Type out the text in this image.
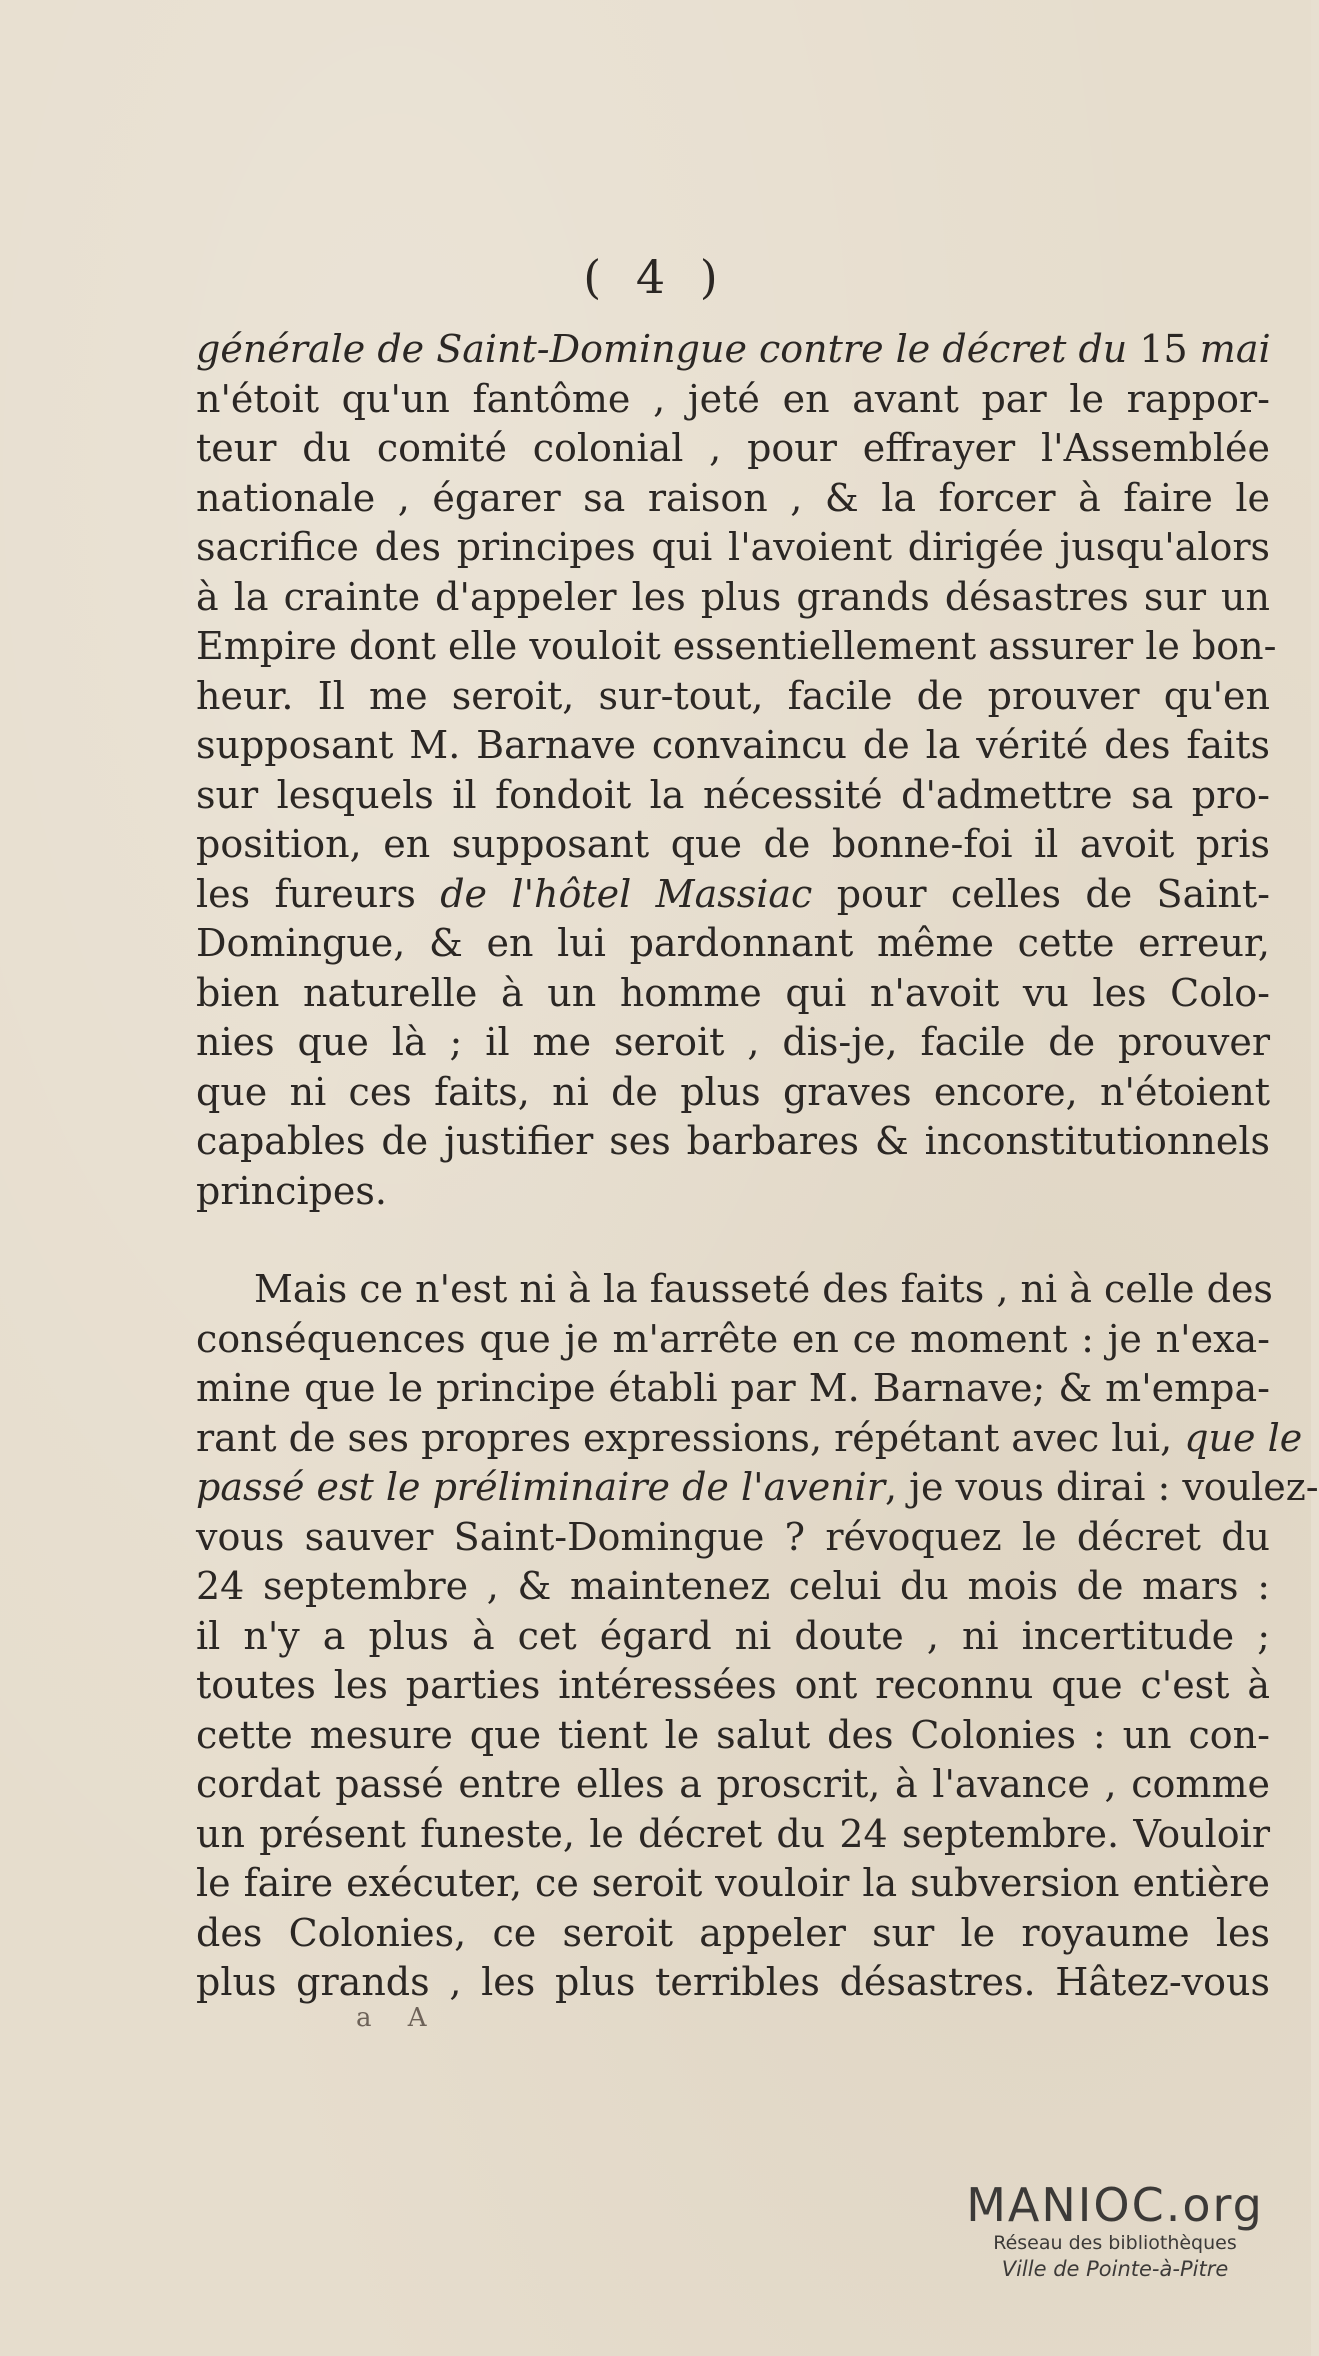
( 4 )
générale de Saint-Domingue contre le décret du 15 mai
n'étoit qu'un fantôme , jeté en avant par le rappor-
teur du comité colonial , pour effrayer l'Assemblée
nationale , égarer sa raison , & la forcer à faire le
sacrifice des principes qui l'avoient dirigée jusqu'alors
à la crainte d'appeler les plus grands désastres sur un
Empire dont elle vouloit essentiellement assurer le bon-
heur. Il me seroit, sur-tout, facile de prouver qu'en
supposant M. Barnave convaincu de la vérité des faits
sur lesquels il fondoit la nécessité d'admettre sa pro-
position, en supposant que de bonne-foi il avoit pris
les fureurs de l'hôtel Massiac pour celles de Saint-
Domingue, & en lui pardonnant même cette erreur,
bien naturelle à un homme qui n'avoit vu les Colo-
nies que là ; il me seroit , dis-je, facile de prouver
que ni ces faits, ni de plus graves encore, n'étoient
capables de justifier ses barbares & inconstitutionnels
principes.
Mais ce n'est ni à la fausseté des faits , ni à celle des
conséquences que je m'arrête en ce moment : je n'exa-
mine que le principe établi par M. Barnave; & m'empa-
rant de ses propres expressions, répétant avec lui, que le
passé est le préliminaire de l'avenir, je vous dirai : voulez-
vous sauver Saint-Domingue ? révoquez le décret du
24 septembre , & maintenez celui du mois de mars :
il n'y a plus à cet égard ni doute , ni incertitude ;
toutes les parties intéressées ont reconnu que c'est à
cette mesure que tient le salut des Colonies : un con-
cordat passé entre elles a proscrit, à l'avance , comme
un présent funeste, le décret du 24 septembre. Vouloir
le faire exécuter, ce seroit vouloir la subversion entière
des Colonies, ce seroit appeler sur le royaume les
plus grands , les plus terribles désastres. Hâtez-vous
a A
MANIOC.org
Réseau des bibliothèques
Ville de Pointe-à-Pitre
